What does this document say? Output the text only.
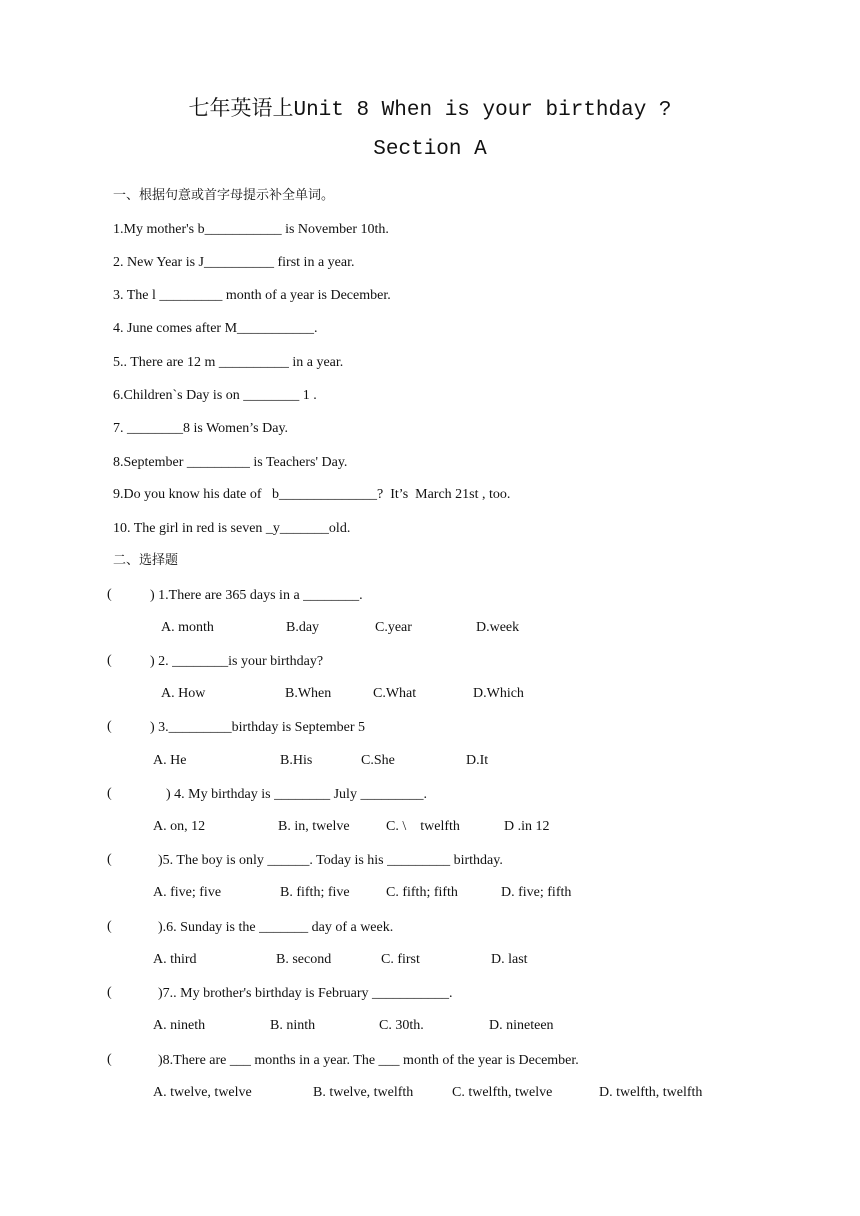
七年英语上Unit 8 When is your birthday ?
Section A
一、根据句意或首字母提示补全单词。
1.My mother's b___________ is November 10th.
2. New Year is J__________ first in a year.
3. The l _________ month of a year is December.
4. June comes after M___________.
5.. There are 12 m __________ in a year.
6.Children`s Day is on ________ 1 .
7. ________8 is Women’s Day.
8.September _________ is Teachers' Day.
9.Do you know his date of   b______________?  It’s  March 21st , too.
10. The girl in red is seven _y_______old.
二、选择题
(	) 1.There are 365 days in a ________.
A. month	B.day	C.year	D.week
(	) 2. ________is your birthday?
A. How	B.When	C.What	D.Which
(	) 3._________birthday is September 5
A. He	B.His	C.She	D.It
(	) 4. My birthday is ________ July _________.
A. on, 12	B. in, twelve	C. \    twelfth	D .in 12
(	)5. The boy is only ______. Today is his _________ birthday.
A. five; five	B. fifth; five	C. fifth; fifth	D. five; fifth
(	).6. Sunday is the _______ day of a week.
A. third	B. second	C. first	D. last
(	)7.. My brother's birthday is February ___________.
A. nineth	B. ninth	C. 30th.	D. nineteen
(	)8.There are ___ months in a year. The ___ month of the year is December.
A. twelve, twelve	B. twelve, twelfth	C. twelfth, twelve	D. twelfth, twelfth
